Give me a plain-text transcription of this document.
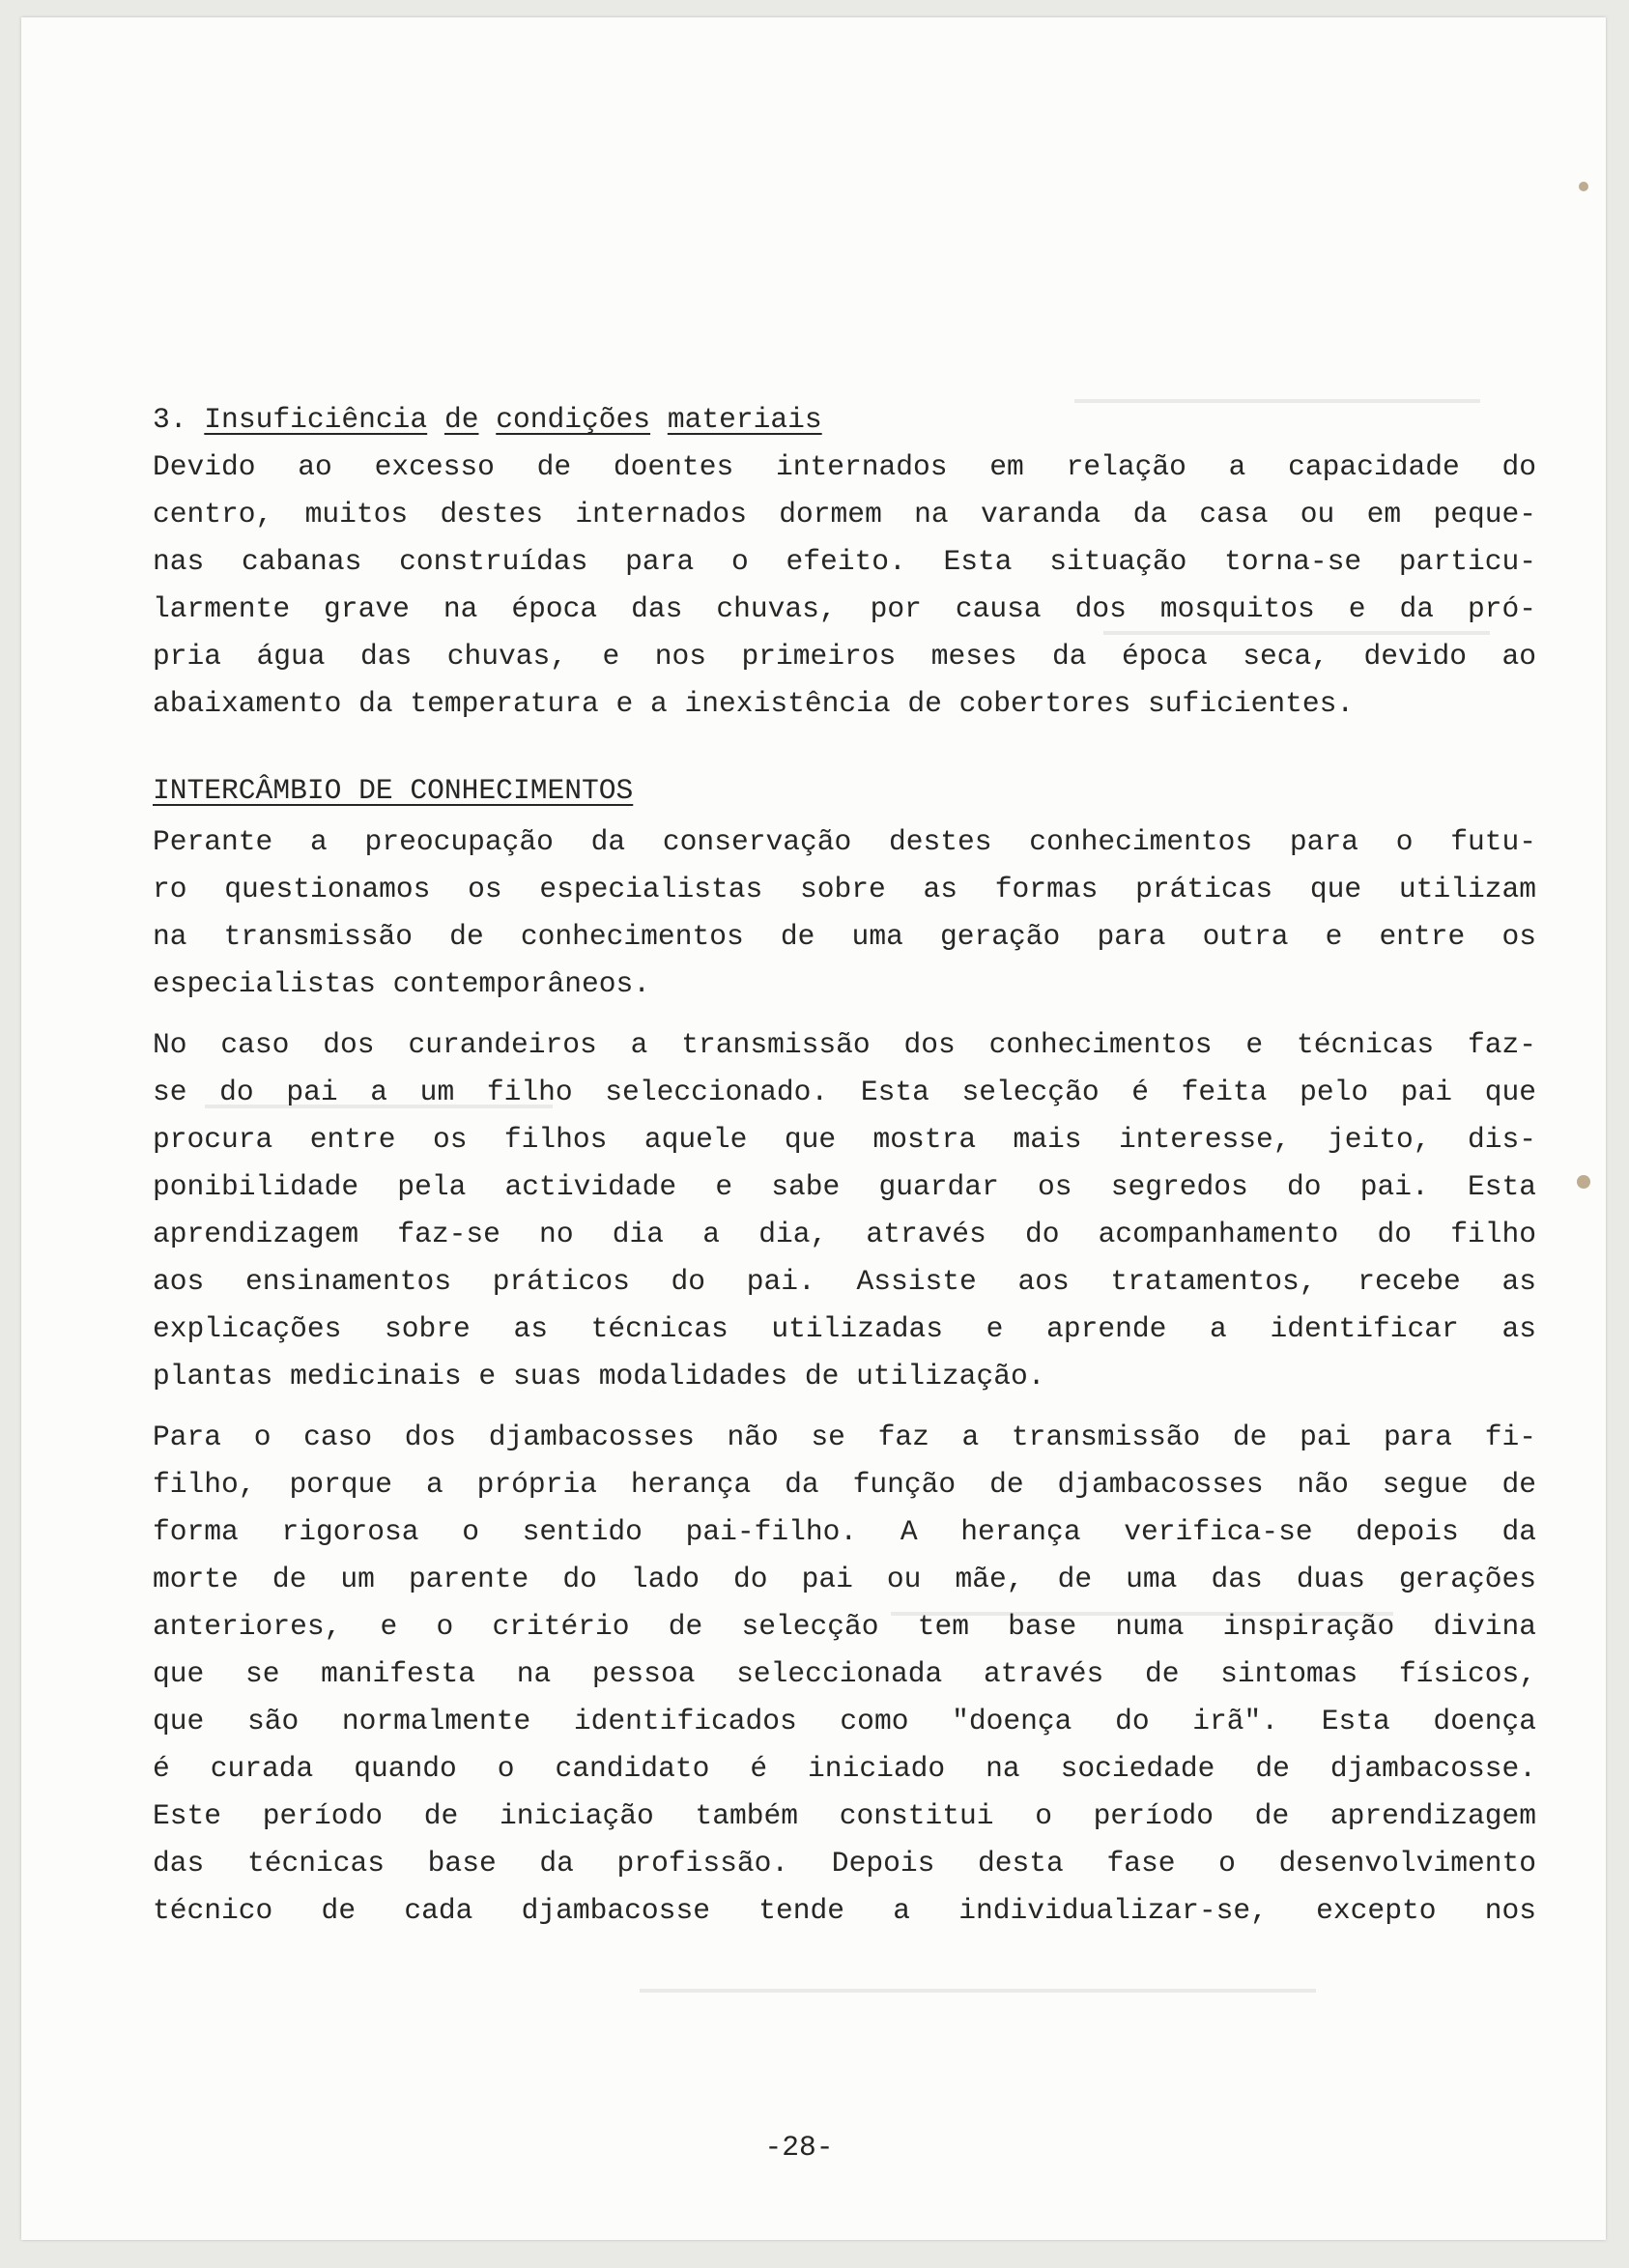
3. Insuficiência de condições materiais
Devido ao excesso de doentes internados em relação a capacidade do
centro, muitos destes internados dormem na varanda da casa ou em peque-
nas cabanas construídas para o efeito. Esta situação torna-se particu-
larmente grave na época das chuvas, por causa dos mosquitos e da pró-
pria água das chuvas, e nos primeiros meses da época seca, devido ao
abaixamento da temperatura e a inexistência de cobertores suficientes.
INTERCÂMBIO DE CONHECIMENTOS
Perante a preocupação da conservação destes conhecimentos para o futu-
ro questionamos os especialistas sobre as formas práticas que utilizam
na transmissão de conhecimentos de uma geração para outra e entre os
especialistas contemporâneos.
No caso dos curandeiros a transmissão dos conhecimentos e técnicas faz-
se do pai a um filho seleccionado. Esta selecção é feita pelo pai que
procura entre os filhos aquele que mostra mais interesse, jeito, dis-
ponibilidade pela actividade e sabe guardar os segredos do pai. Esta
aprendizagem faz-se no dia a dia, através do acompanhamento do filho
aos ensinamentos práticos do pai. Assiste aos tratamentos, recebe as
explicações sobre as técnicas utilizadas e aprende a identificar as
plantas medicinais e suas modalidades de utilização.
Para o caso dos djambacosses não se faz a transmissão de pai para fi-
filho, porque a própria herança da função de djambacosses não segue de
forma rigorosa o sentido pai-filho. A herança verifica-se depois da
morte de um parente do lado do pai ou mãe, de uma das duas gerações
anteriores, e o critério de selecção tem base numa inspiração divina
que se manifesta na pessoa seleccionada através de sintomas físicos,
que são normalmente identificados como "doença do irã". Esta doença
é curada quando o candidato é iniciado na sociedade de djambacosse.
Este período de iniciação também constitui o período de aprendizagem
das técnicas base da profissão. Depois desta fase o desenvolvimento
técnico de cada djambacosse tende a individualizar-se, excepto nos
-28-
